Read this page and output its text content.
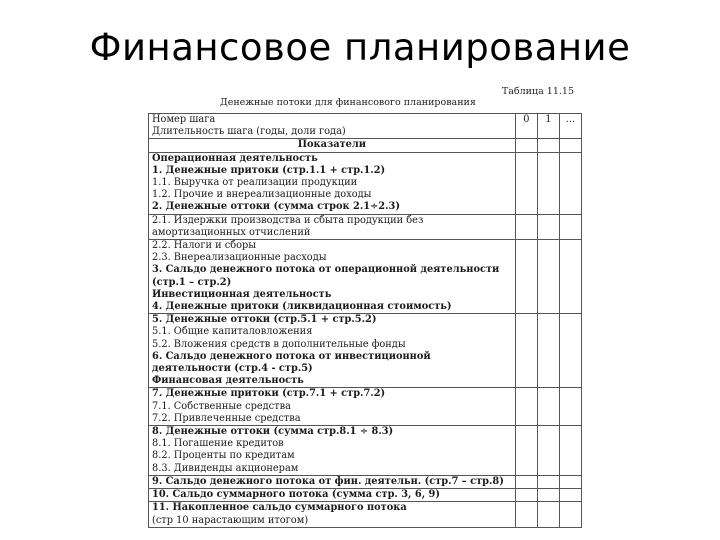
Финансовое планирование
Таблица 11.15
Денежные потоки для финансового планирования
Номер шага	0	1	...
Длительность шага (годы, доли года)			
Показатели			
Операционная деятельность			
1. Денежные притоки (стр.1.1 + стр.1.2)			
1.1. Выручка от реализации продукции			
1.2. Прочие и внереализационные доходы			
2. Денежные оттоки (сумма строк 2.1÷2.3)			
2.1. Издержки производства и сбыта продукции без			
амортизационных отчислений			
2.2. Налоги и сборы			
2.3. Внереализационные расходы			
3. Сальдо денежного потока от операционной деятельности			
(стр.1 – стр.2)			
Инвестиционная деятельность			
4. Денежные притоки (ликвидационная стоимость)			
5. Денежные оттоки (стр.5.1 + стр.5.2)			
5.1. Общие капиталовложения			
5.2. Вложения средств в дополнительные фонды			
6. Сальдо денежного потока от инвестиционной			
деятельности (стр.4 - стр.5)			
Финансовая деятельность			
7. Денежные притоки (стр.7.1 + стр.7.2)			
7.1. Собственные средства			
7.2. Привлеченные средства			
8. Денежные оттоки (сумма стр.8.1 ÷ 8.3)			
8.1. Погашение кредитов			
8.2. Проценты по кредитам			
8.3. Дивиденды акционерам			
9. Сальдо денежного потока от фин. деятельн. (стр.7 – стр.8)			
10. Сальдо суммарного потока (сумма стр. 3, 6, 9)			
11. Накопленное сальдо суммарного потока			
(стр 10 нарастающим итогом)			
